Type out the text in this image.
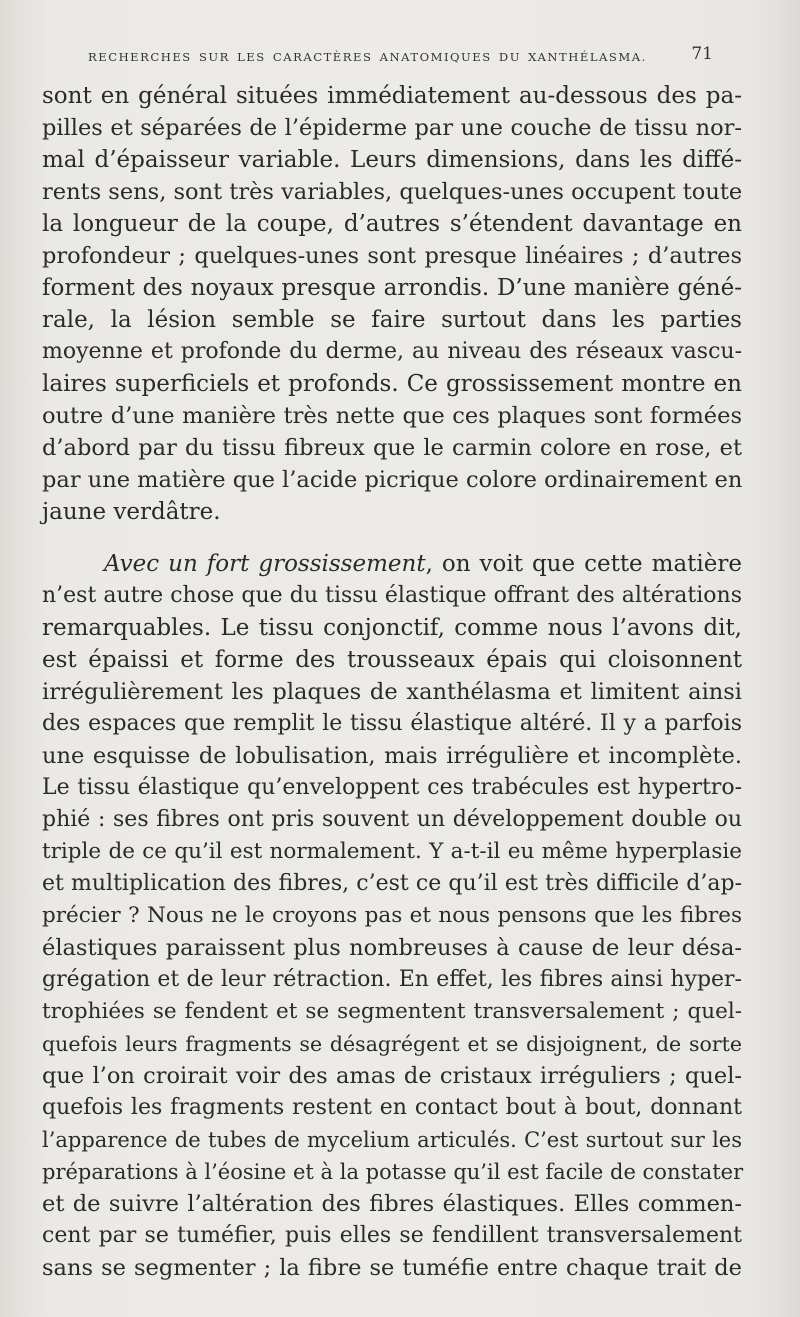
RECHERCHES SUR LES CARACTÈRES ANATOMIQUES DU XANTHÉLASMA.	71
sont en général situées immédiatement au-dessous des pa-
pilles et séparées de l’épiderme par une couche de tissu nor-
mal d’épaisseur variable. Leurs dimensions, dans les diffé-
rents sens, sont très variables, quelques-unes occupent toute
la longueur de la coupe, d’autres s’étendent davantage en
profondeur ; quelques-unes sont presque linéaires ; d’autres
forment des noyaux presque arrondis. D’une manière géné-
rale, la lésion semble se faire surtout dans les parties
moyenne et profonde du derme, au niveau des réseaux vascu-
laires superficiels et profonds. Ce grossissement montre en
outre d’une manière très nette que ces plaques sont formées
d’abord par du tissu fibreux que le carmin colore en rose, et
par une matière que l’acide picrique colore ordinairement en
jaune verdâtre.
Avec un fort grossissement, on voit que cette matière
n’est autre chose que du tissu élastique offrant des altérations
remarquables. Le tissu conjonctif, comme nous l’avons dit,
est épaissi et forme des trousseaux épais qui cloisonnent
irrégulièrement les plaques de xanthélasma et limitent ainsi
des espaces que remplit le tissu élastique altéré. Il y a parfois
une esquisse de lobulisation, mais irrégulière et incomplète.
Le tissu élastique qu’enveloppent ces trabécules est hypertro-
phié : ses fibres ont pris souvent un développement double ou
triple de ce qu’il est normalement. Y a-t-il eu même hyperplasie
et multiplication des fibres, c’est ce qu’il est très difficile d’ap-
précier ? Nous ne le croyons pas et nous pensons que les fibres
élastiques paraissent plus nombreuses à cause de leur désa-
grégation et de leur rétraction. En effet, les fibres ainsi hyper-
trophiées se fendent et se segmentent transversalement ; quel-
quefois leurs fragments se désagrégent et se disjoignent, de sorte
que l’on croirait voir des amas de cristaux irréguliers ; quel-
quefois les fragments restent en contact bout à bout, donnant
l’apparence de tubes de mycelium articulés. C’est surtout sur les
préparations à l’éosine et à la potasse qu’il est facile de constater
et de suivre l’altération des fibres élastiques. Elles commen-
cent par se tuméfier, puis elles se fendillent transversalement
sans se segmenter ; la fibre se tuméfie entre chaque trait de
